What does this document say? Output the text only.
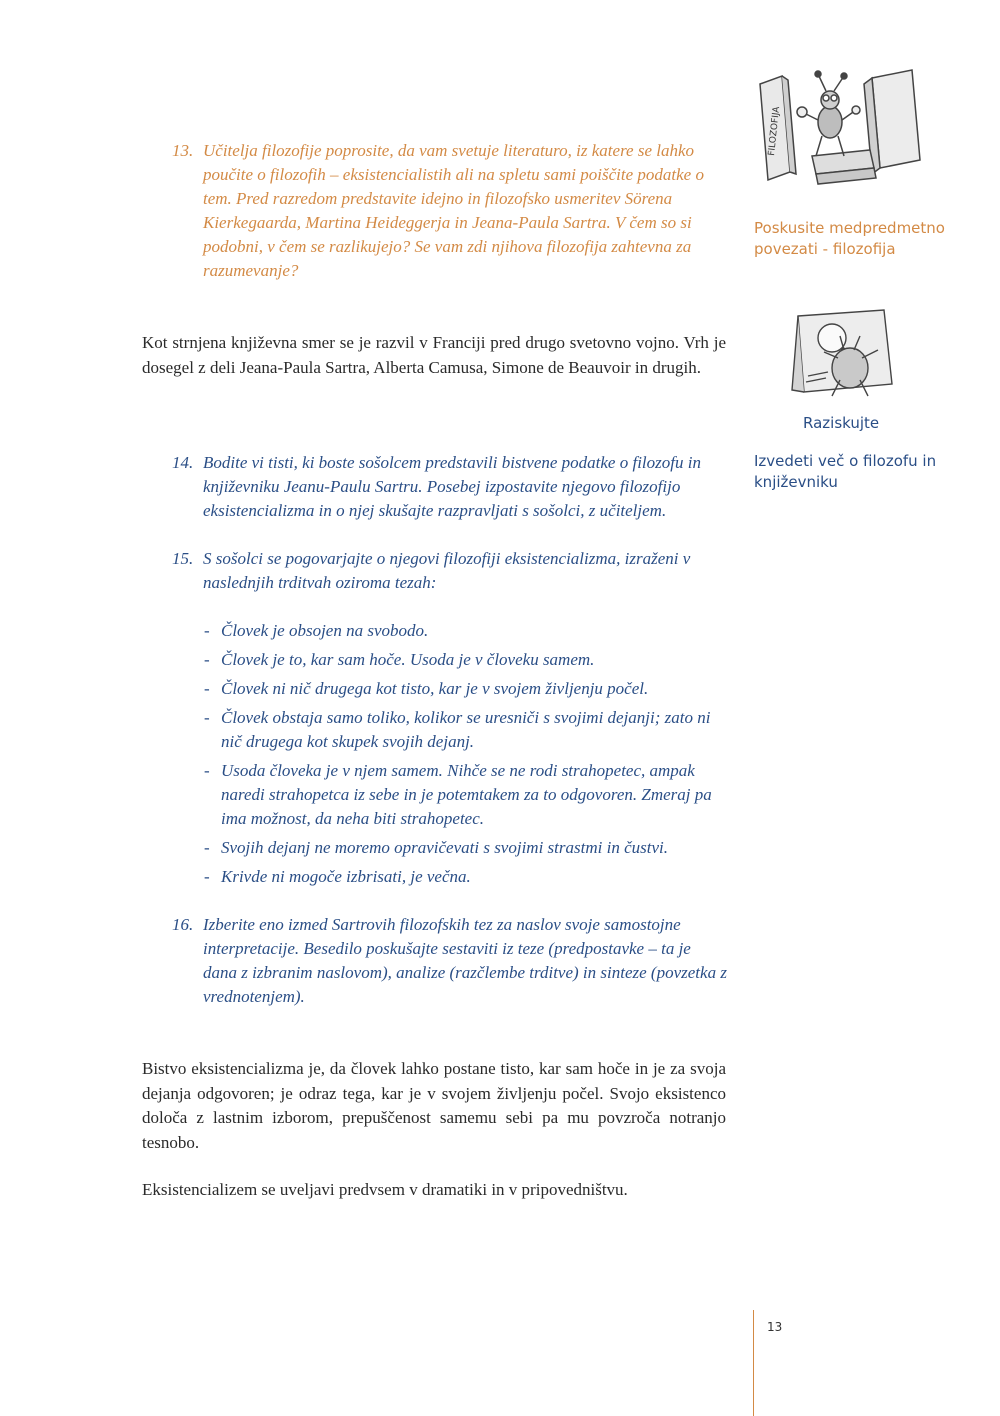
13. Učitelja filozofije poprosite, da vam svetuje literaturo, iz katere se lahko poučite o filozofih – eksistencialistih ali na spletu sami poiščite podatke o tem. Pred razredom predstavite idejno in filozofsko usmeritev Sörena Kierkegaarda, Martina Heideggerja in Jeana-Paula Sartra. V čem so si podobni, v čem se razlikujejo? Se vam zdi njihova filozofija zahtevna za razumevanje?

FILOZOFIJA

Poskusite medpredmetno povezati - filozofija

Kot strnjena književna smer se je razvil v Franciji pred drugo svetovno vojno. Vrh je dosegel z deli Jeana-Paula Sartra, Alberta Camusa, Simone de Beauvoir in drugih.

Raziskujte

Izvedeti več o filozofu in književniku

14. Bodite vi tisti, ki boste sošolcem predstavili bistvene podatke o filozofu in književniku Jeanu-Paulu Sartru. Posebej izpostavite njegovo filozofijo eksistencializma in o njej skušajte razpravljati s sošolci, z učiteljem.

15. S sošolci se pogovarjajte o njegovi filozofiji eksistencializma, izraženi v naslednjih trditvah oziroma tezah:

- Človek je obsojen na svobodo.
- Človek je to, kar sam hoče. Usoda je v človeku samem.
- Človek ni nič drugega kot tisto, kar je v svojem življenju počel.
- Človek obstaja samo toliko, kolikor se uresniči s svojimi dejanji; zato ni nič drugega kot skupek svojih dejanj.
- Usoda človeka je v njem samem. Nihče se ne rodi strahopetec, ampak naredi strahopetca iz sebe in je potemtakem za to odgovoren. Zmeraj pa ima možnost, da neha biti strahopetec.
- Svojih dejanj ne moremo opravičevati s svojimi strastmi in čustvi.
- Krivde ni mogoče izbrisati, je večna.

16. Izberite eno izmed Sartrovih filozofskih tez za naslov svoje samostojne interpretacije. Besedilo poskušajte sestaviti iz teze (predpostavke – ta je dana z izbranim naslovom), analize (razčlembe trditve) in sinteze (povzetka z vrednotenjem).

Bistvo eksistencializma je, da človek lahko postane tisto, kar sam hoče in je za svoja dejanja odgovoren; je odraz tega, kar je v svojem življenju počel. Svojo eksistenco določa z lastnim izborom, prepuščenost samemu sebi pa mu povzroča notranjo tesnobo.

Eksistencializem se uveljavi predvsem v dramatiki in v pripovedništvu.

13
